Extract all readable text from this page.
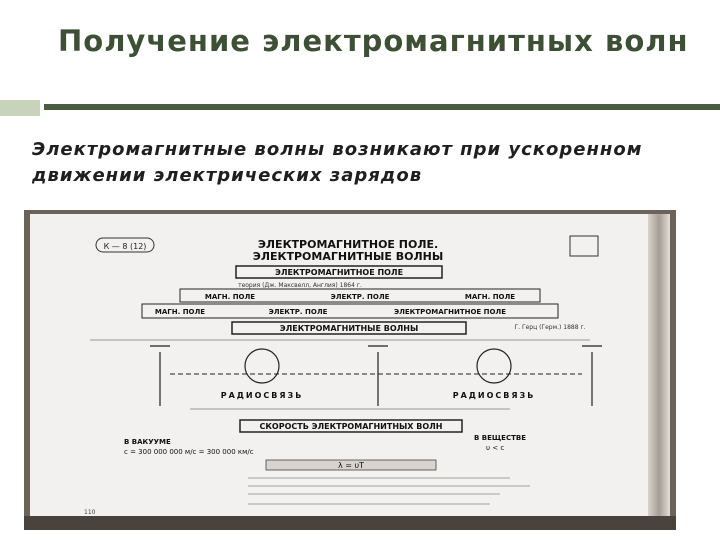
Получение электромагнитных волн
Электромагнитные волны возникают при ускоренном движении электрических зарядов
К — 8 (12)	ЭЛЕКТРОМАГНИТНОЕ ПОЛЕ.
ЭЛЕКТРОМАГНИТНЫЕ ВОЛНЫ
ЭЛЕКТРОМАГНИТНОЕ ПОЛЕ
теория (Дж. Максвелл, Англия) 1864 г.
МАГН. ПОЛЕ	ЭЛЕКТР. ПОЛЕ	МАГН. ПОЛЕ
МАГН. ПОЛЕ	ЭЛЕКТР. ПОЛЕ	ЭЛЕКТРОМАГНИТНОЕ ПОЛЕ
ЭЛЕКТРОМАГНИТНЫЕ ВОЛНЫ	Г. Герц (Герм.) 1888 г.
РАДИОСВЯЗЬ	РАДИОСВЯЗЬ
СКОРОСТЬ ЭЛЕКТРОМАГНИТНЫХ ВОЛН
В ВАКУУМЕ
c = 300 000 000 м/с = 300 000 км/с
В ВЕЩЕСТВЕ
υ < c
λ = υT
110
